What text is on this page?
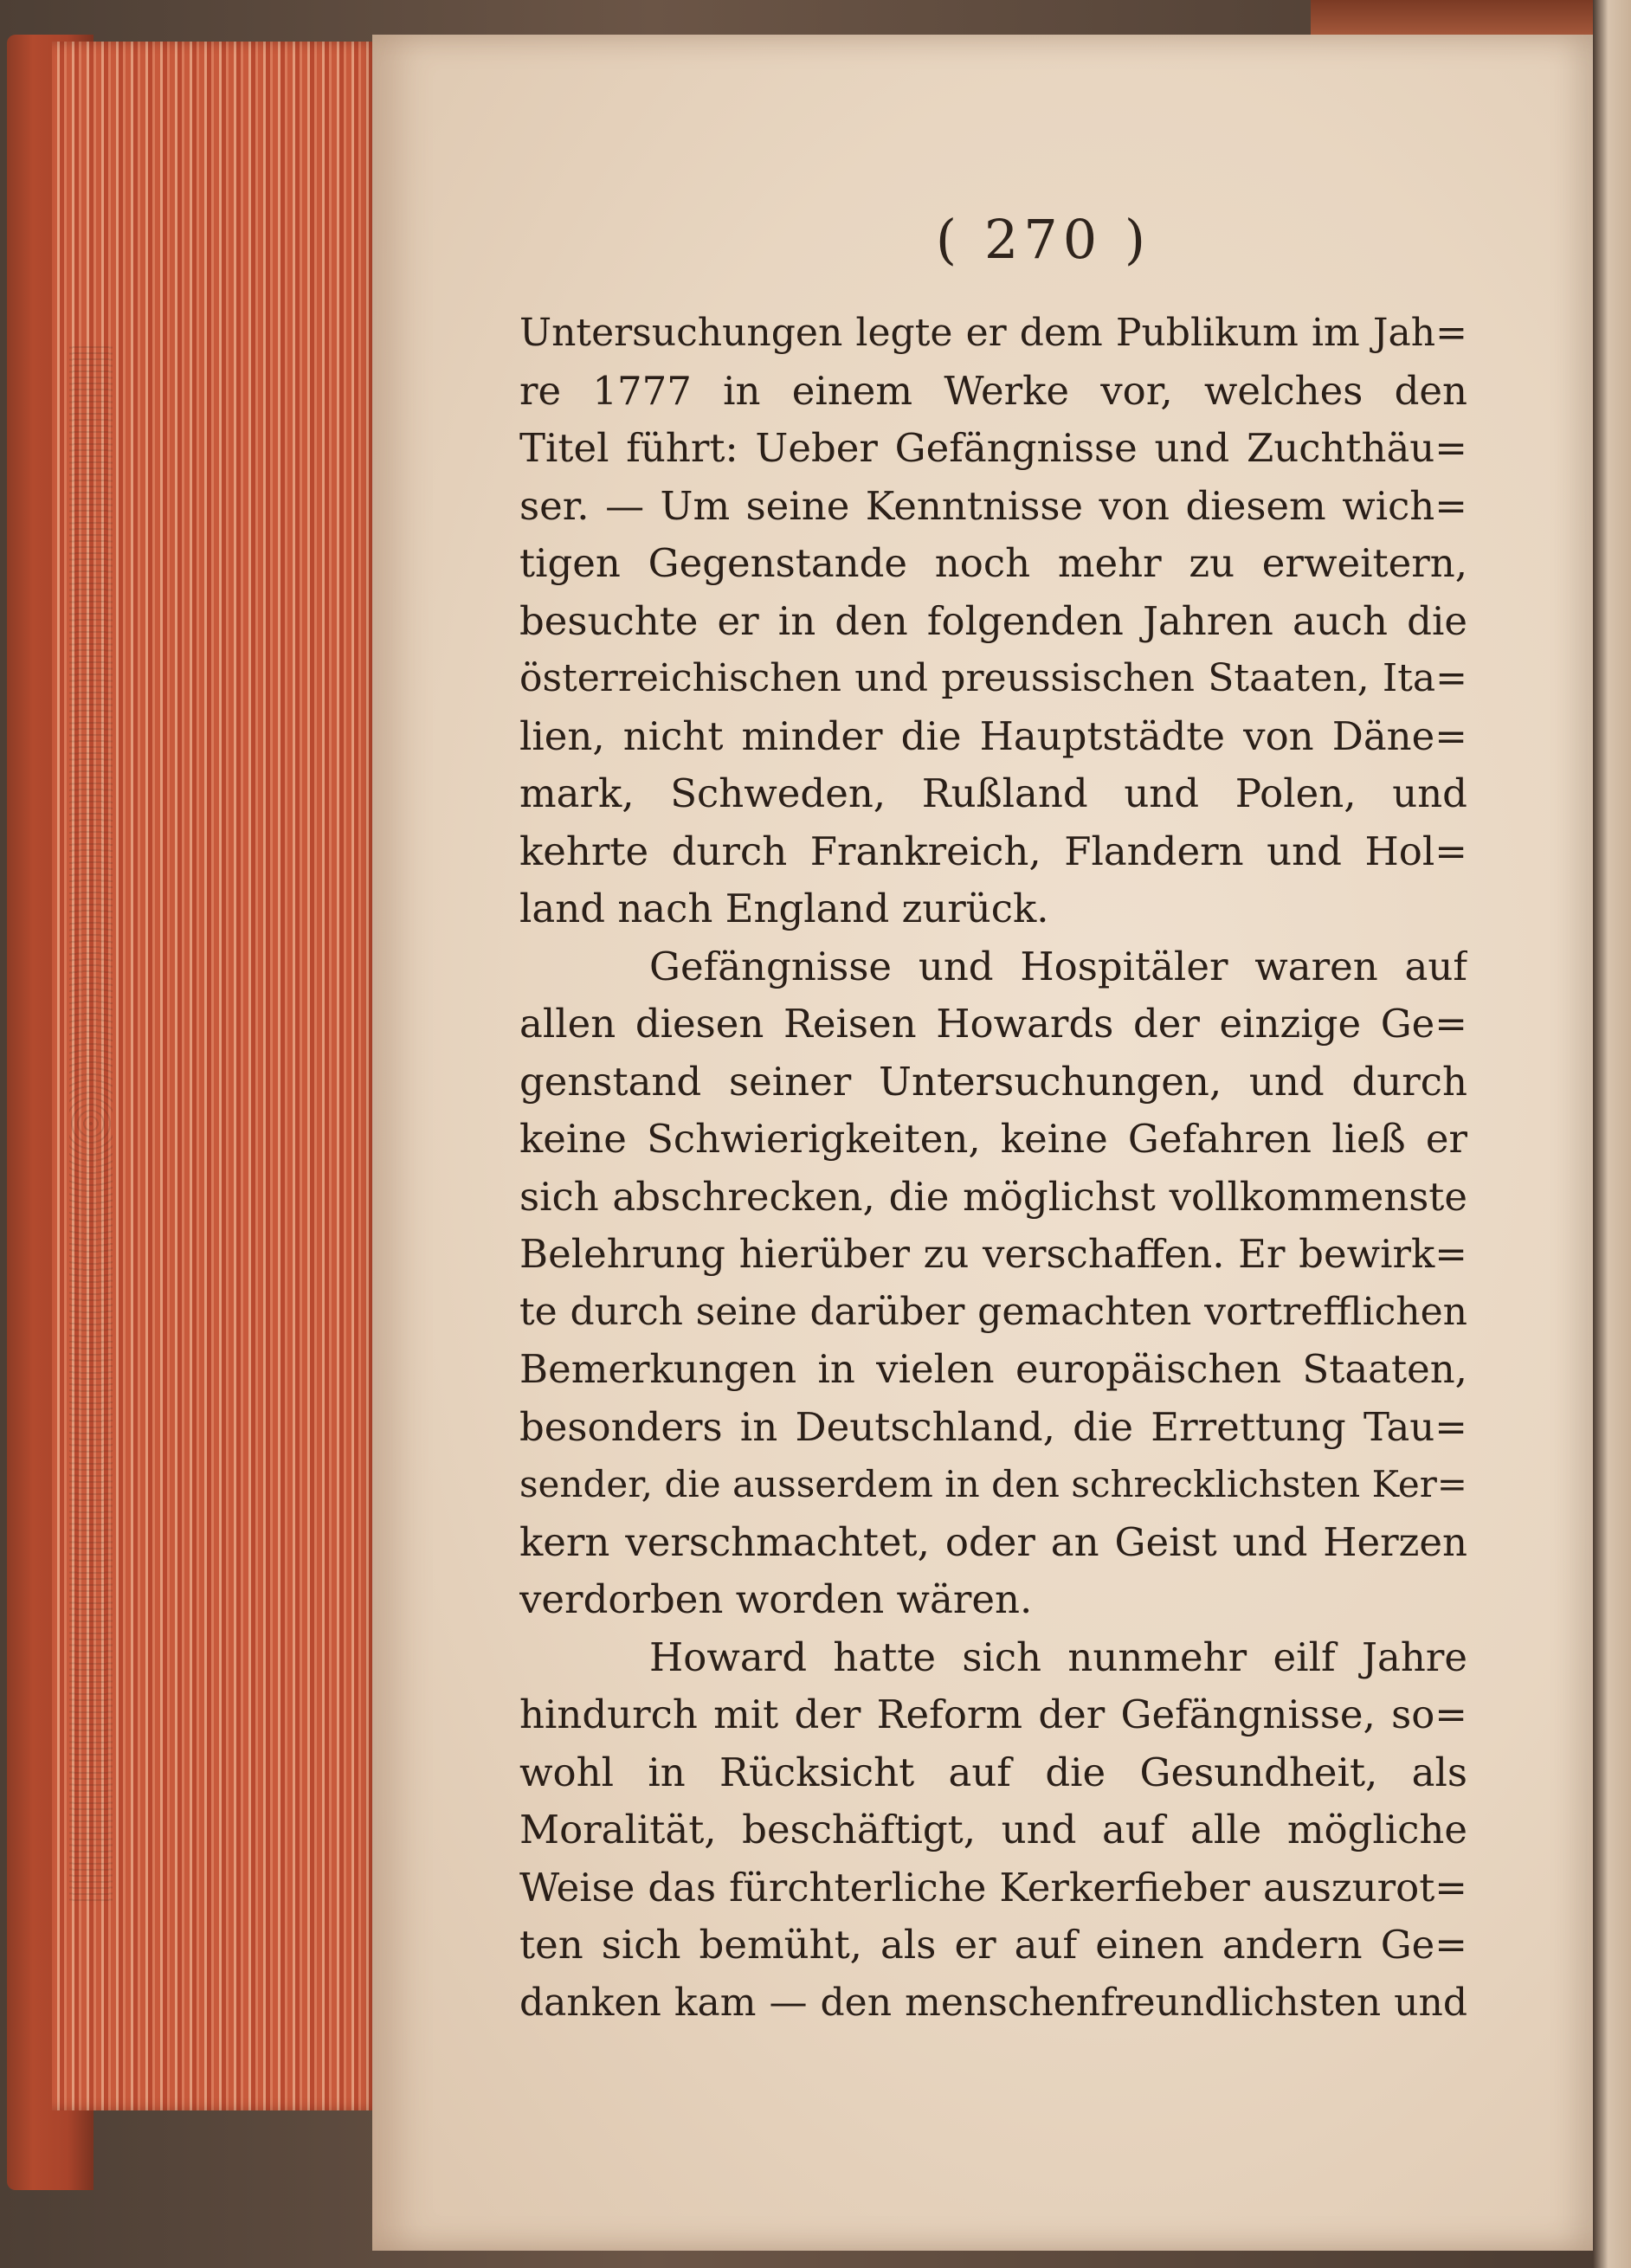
( 270 )
Untersuchungen legte er dem Publikum im Jah=
re 1777 in einem Werke vor, welches den
Titel führt: Ueber Gefängnisse und Zuchthäu=
ser. — Um seine Kenntnisse von diesem wich=
tigen Gegenstande noch mehr zu erweitern,
besuchte er in den folgenden Jahren auch die
österreichischen und preussischen Staaten, Ita=
lien, nicht minder die Hauptstädte von Däne=
mark, Schweden, Rußland und Polen, und
kehrte durch Frankreich, Flandern und Hol=
land nach England zurück.
Gefängnisse und Hospitäler waren auf
allen diesen Reisen Howards der einzige Ge=
genstand seiner Untersuchungen, und durch
keine Schwierigkeiten, keine Gefahren ließ er
sich abschrecken, die möglichst vollkommenste
Belehrung hierüber zu verschaffen. Er bewirk=
te durch seine darüber gemachten vortrefflichen
Bemerkungen in vielen europäischen Staaten,
besonders in Deutschland, die Errettung Tau=
sender, die ausserdem in den schrecklichsten Ker=
kern verschmachtet, oder an Geist und Herzen
verdorben worden wären.
Howard hatte sich nunmehr eilf Jahre
hindurch mit der Reform der Gefängnisse, so=
wohl in Rücksicht auf die Gesundheit, als
Moralität, beschäftigt, und auf alle mögliche
Weise das fürchterliche Kerkerfieber auszurot=
ten sich bemüht, als er auf einen andern Ge=
danken kam — den menschenfreundlichsten und
